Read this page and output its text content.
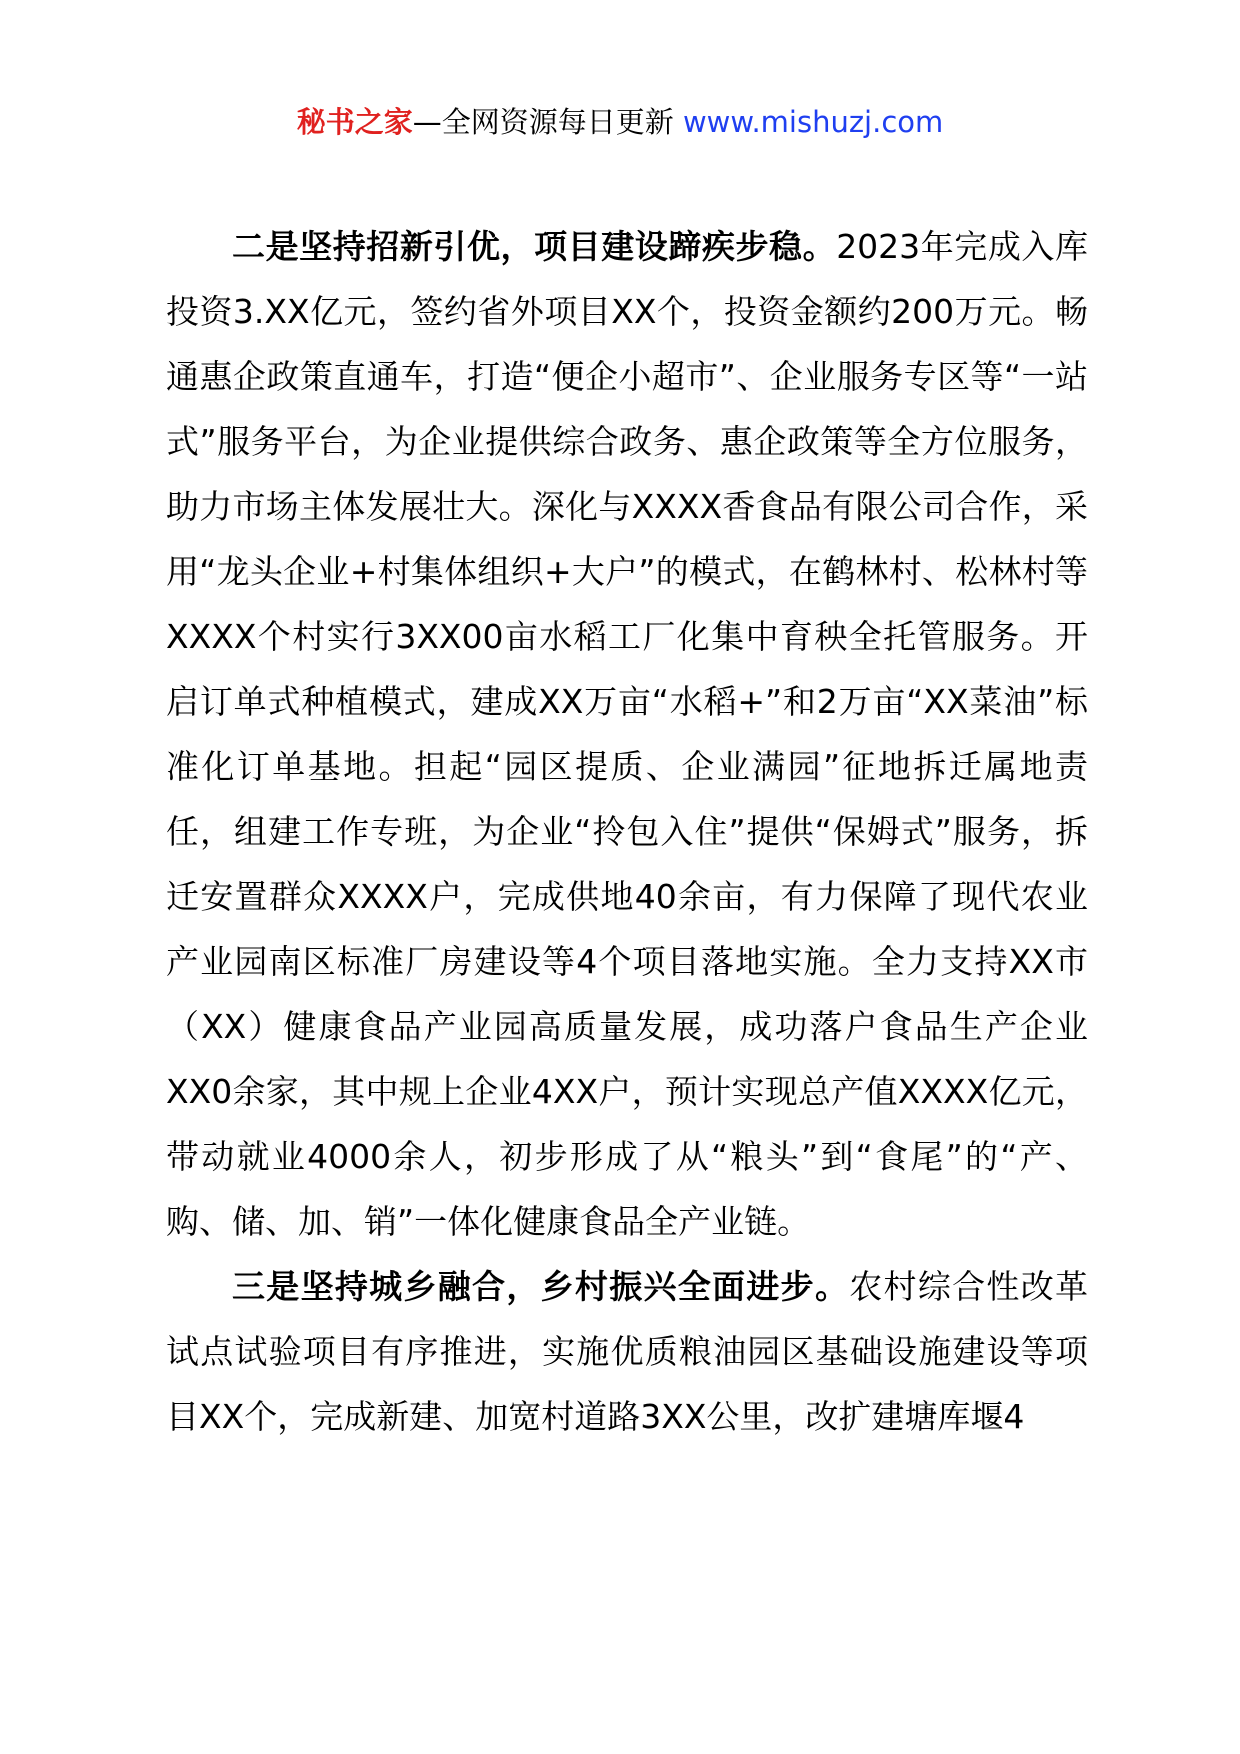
秘书之家—全网资源每日更新 www.mishuzj.com

二是坚持招新引优，项目建设蹄疾步稳。2023年完成入库投资3.XX亿元，签约省外项目XX个，投资金额约200万元。畅通惠企政策直通车，打造“便企小超市”、企业服务专区等“一站式”服务平台，为企业提供综合政务、惠企政策等全方位服务，助力市场主体发展壮大。深化与XXXX香食品有限公司合作，采用“龙头企业+村集体组织+大户”的模式，在鹤林村、松林村等XXXX个村实行3XX00亩水稻工厂化集中育秧全托管服务。开启订单式种植模式，建成XX万亩“水稻+”和2万亩“XX菜油”标准化订单基地。担起“园区提质、企业满园”征地拆迁属地责任，组建工作专班，为企业“拎包入住”提供“保姆式”服务，拆迁安置群众XXXX户，完成供地40余亩，有力保障了现代农业产业园南区标准厂房建设等4个项目落地实施。全力支持XX市（XX）健康食品产业园高质量发展，成功落户食品生产企业XX0余家，其中规上企业4XX户，预计实现总产值XXXX亿元，带动就业4000余人，初步形成了从“粮头”到“食尾”的“产、购、储、加、销”一体化健康食品全产业链。

三是坚持城乡融合，乡村振兴全面进步。农村综合性改革试点试验项目有序推进，实施优质粮油园区基础设施建设等项目XX个，完成新建、加宽村道路3XX公里，改扩建塘库堰4
